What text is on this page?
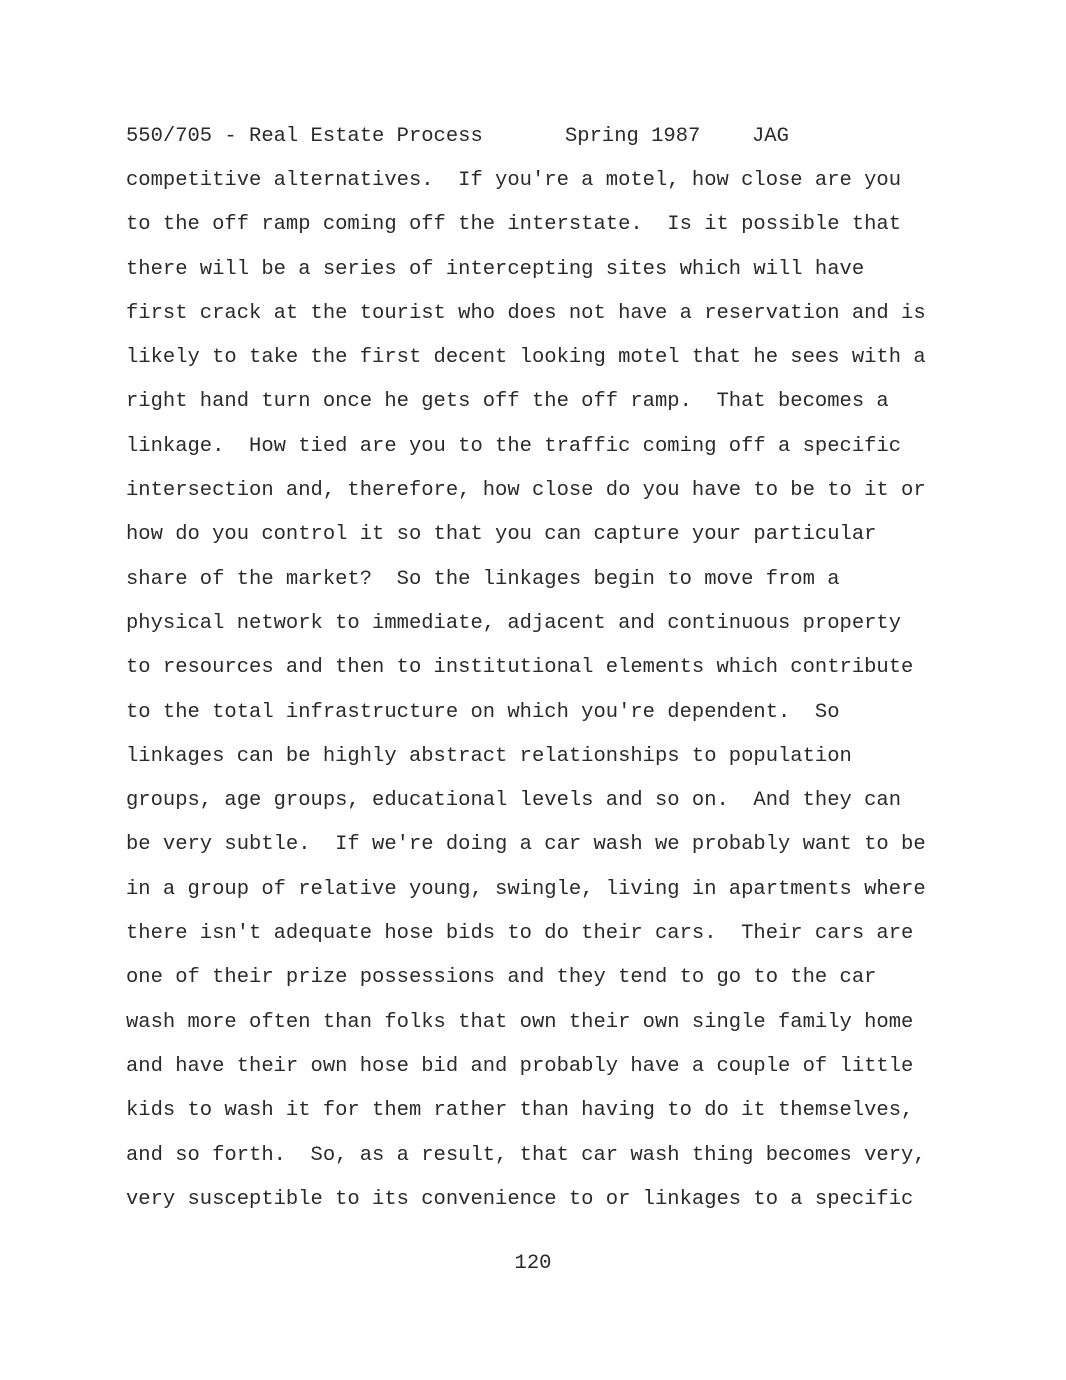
550/705 - Real Estate Process

	Spring 1987

	JAG

competitive alternatives.  If you're a motel, how close are you
to the off ramp coming off the interstate.  Is it possible that
there will be a series of intercepting sites which will have
first crack at the tourist who does not have a reservation and is
likely to take the first decent looking motel that he sees with a
right hand turn once he gets off the off ramp.  That becomes a
linkage.  How tied are you to the traffic coming off a specific
intersection and, therefore, how close do you have to be to it or
how do you control it so that you can capture your particular
share of the market?  So the linkages begin to move from a
physical network to immediate, adjacent and continuous property
to resources and then to institutional elements which contribute
to the total infrastructure on which you're dependent.  So
linkages can be highly abstract relationships to population
groups, age groups, educational levels and so on.  And they can
be very subtle.  If we're doing a car wash we probably want to be
in a group of relative young, swingle, living in apartments where
there isn't adequate hose bids to do their cars.  Their cars are
one of their prize possessions and they tend to go to the car
wash more often than folks that own their own single family home
and have their own hose bid and probably have a couple of little
kids to wash it for them rather than having to do it themselves,
and so forth.  So, as a result, that car wash thing becomes very,
very susceptible to its convenience to or linkages to a specific
120
